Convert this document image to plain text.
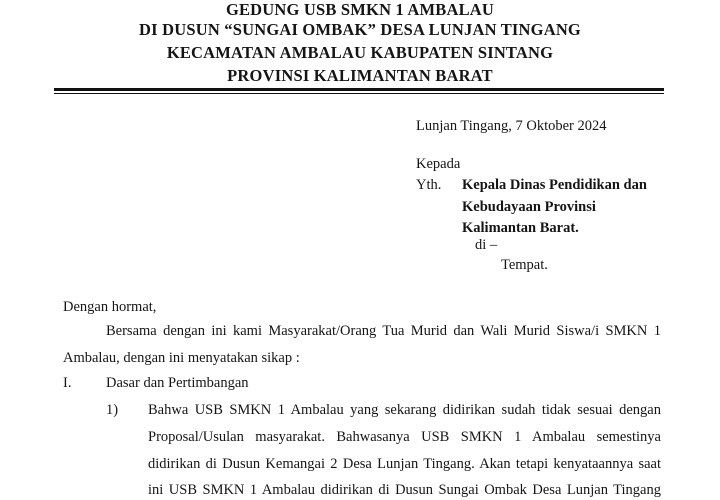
GEDUNG USB SMKN 1 AMBALAU
DI DUSUN “SUNGAI OMBAK” DESA LUNJAN TINGANG
KECAMATAN AMBALAU KABUPATEN SINTANG
PROVINSI KALIMANTAN BARAT
Lunjan Tingang, 7 Oktober 2024
Kepada
Yth. Kepala Dinas Pendidikan dan
Kebudayaan Provinsi
Kalimantan Barat.
di –
Tempat.
Dengan hormat,
Bersama dengan ini kami Masyarakat/Orang Tua Murid dan Wali Murid Siswa/i SMKN 1
Ambalau, dengan ini menyatakan sikap :
I. Dasar dan Pertimbangan
1) Bahwa USB SMKN 1 Ambalau yang sekarang didirikan sudah tidak sesuai dengan
Proposal/Usulan masyarakat. Bahwasanya USB SMKN 1 Ambalau semestinya
didirikan di Dusun Kemangai 2 Desa Lunjan Tingang. Akan tetapi kenyataannya saat
ini USB SMKN 1 Ambalau didirikan di Dusun Sungai Ombak Desa Lunjan Tingang
